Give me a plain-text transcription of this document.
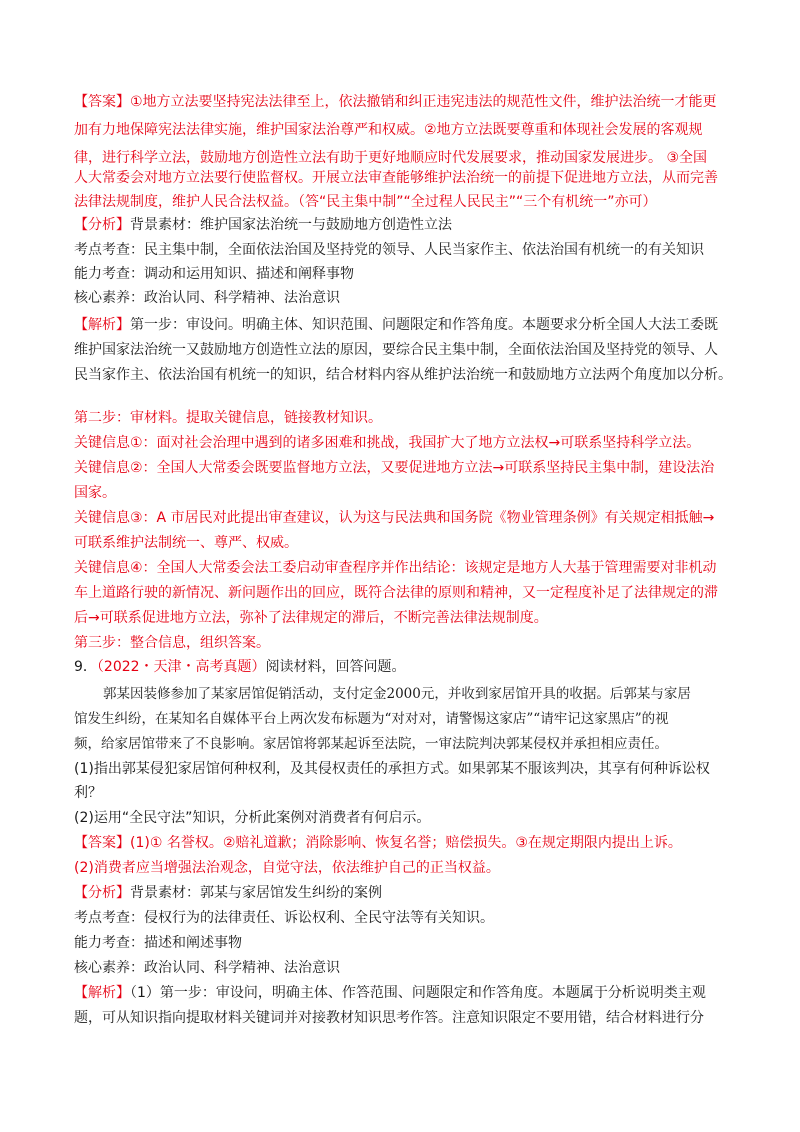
【答案】①地方立法要坚持宪法法律至上，依法撤销和纠正违宪违法的规范性文件，维护法治统一才能更
加有力地保障宪法法律实施，维护国家法治尊严和权威。②地方立法既要尊重和体现社会发展的客观规
律，进行科学立法，鼓励地方创造性立法有助于更好地顺应时代发展要求，推动国家发展进步。 ③全国
人大常委会对地方立法要行使监督权。开展立法审查能够维护法治统一的前提下促进地方立法，从而完善
法律法规制度，维护人民合法权益。（答“民主集中制”“全过程人民民主”“三个有机统一”亦可）
【分析】背景素材：维护国家法治统一与鼓励地方创造性立法
考点考查：民主集中制，全面依法治国及坚持党的领导、人民当家作主、依法治国有机统一的有关知识
能力考查：调动和运用知识、描述和阐释事物
核心素养：政治认同、科学精神、法治意识
【解析】第一步：审设问。明确主体、知识范围、问题限定和作答角度。本题要求分析全国人大法工委既
维护国家法治统一又鼓励地方创造性立法的原因，要综合民主集中制，全面依法治国及坚持党的领导、人
民当家作主、依法治国有机统一的知识，结合材料内容从维护法治统一和鼓励地方立法两个角度加以分析。
第二步：审材料。提取关键信息，链接教材知识。
关键信息①：面对社会治理中遇到的诸多困难和挑战，我国扩大了地方立法权→可联系坚持科学立法。
关键信息②：全国人大常委会既要监督地方立法，又要促进地方立法→可联系坚持民主集中制，建设法治
国家。
关键信息③：A 市居民对此提出审查建议，认为这与民法典和国务院《物业管理条例》有关规定相抵触→
可联系维护法制统一、尊严、权威。
关键信息④：全国人大常委会法工委启动审查程序并作出结论：该规定是地方人大基于管理需要对非机动
车上道路行驶的新情况、新问题作出的回应，既符合法律的原则和精神，又一定程度补足了法律规定的滞
后→可联系促进地方立法，弥补了法律规定的滞后，不断完善法律法规制度。
第三步：整合信息，组织答案。
9．（2022・天津・高考真题）阅读材料，回答问题。
郭某因装修参加了某家居馆促销活动，支付定金2000元，并收到家居馆开具的收据。后郭某与家居
馆发生纠纷，在某知名自媒体平台上两次发布标题为“对对对，请警惕这家店”“请牢记这家黑店”的视
频，给家居馆带来了不良影响。家居馆将郭某起诉至法院，一审法院判决郭某侵权并承担相应责任。
(1)指出郭某侵犯家居馆何种权利，及其侵权责任的承担方式。如果郭某不服该判决，其享有何种诉讼权
利？
(2)运用“全民守法”知识，分析此案例对消费者有何启示。
【答案】(1)① 名誉权。②赔礼道歉；消除影响、恢复名誉；赔偿损失。③在规定期限内提出上诉。
(2)消费者应当增强法治观念，自觉守法，依法维护自己的正当权益。
【分析】背景素材：郭某与家居馆发生纠纷的案例
考点考查：侵权行为的法律责任、诉讼权利、全民守法等有关知识。
能力考查：描述和阐述事物
核心素养：政治认同、科学精神、法治意识
【解析】（1）第一步：审设问，明确主体、作答范围、问题限定和作答角度。本题属于分析说明类主观
题，可从知识指向提取材料关键词并对接教材知识思考作答。注意知识限定不要用错，结合材料进行分
